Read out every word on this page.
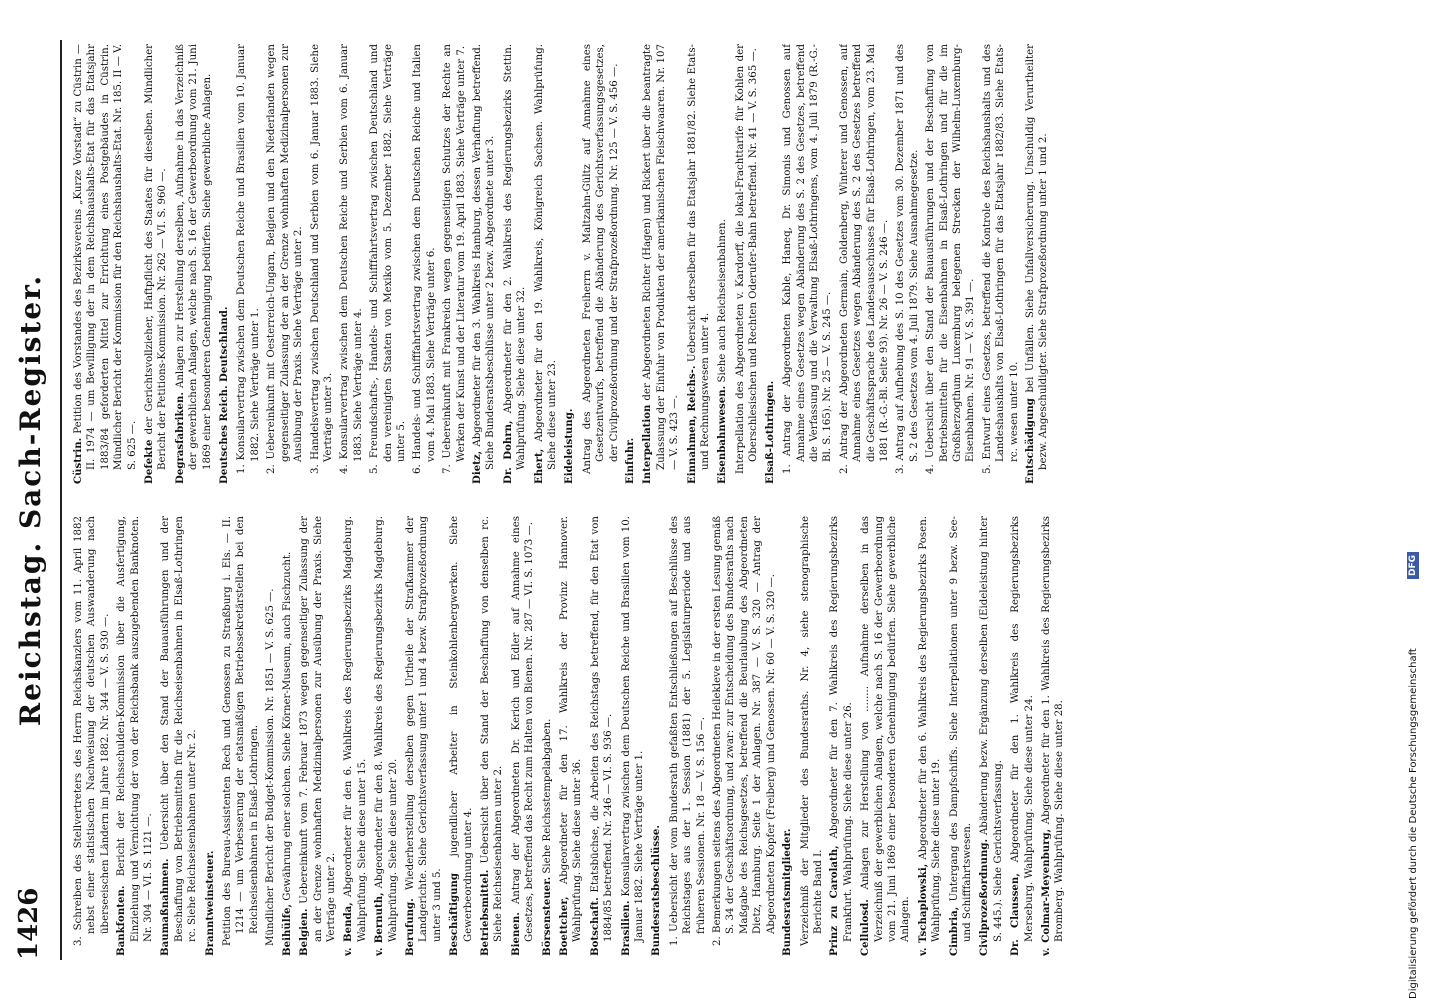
1426
Reichstag. Sach-Register.

3. Schreiben des Stellvertreters des Herrn Reichskanzlers vom 11. April 1882 nebst einer statistischen Nachweisung der deutschen Auswanderung nach überseeischen Ländern im Jahre 1882. Nr. 344 — V. S. 930 —. Bankfonten. Bericht der Reichsschulden-Kommission über die Ausfertigung, Einziehung und Vernichtung der von der Reichsbank auszugebenden Banknoten. Nr. 304 — VI. S. 1121 —. Baumaßnahmen. Uebersicht über den Stand der Bauausführungen und der Beschaffung von Betriebsmitteln für die Reichseisenbahnen in Elsaß-Lothringen rc. Siehe Reichseisenbahnen unter Nr. 2. Branntweinsteuer. Petition des Bureau-Assistenten Rech und Genossen zu Straßburg i. Els. — II. 1214 — um Verbesserung der etatsmäßigen Betriebssekretärstellen bei den Reichseisenbahnen in Elsaß-Lothringen. Mündlicher Bericht der Budget-Kommission. Nr. 1851 — V. S. 625 —. Beihülfe, Gewährung einer solchen. Siehe Körner-Museum, auch Fischzucht.

Belgien. Uebereinkunft vom 7. Februar 1873 wegen gegenseitiger Zulassung der an der Grenze wohnhaften Medizinalpersonen zur Ausübung der Praxis. Siehe Verträge unter 2. v. Benda, Abgeordneter für den 6. Wahlkreis des Regierungsbezirks Magdeburg. Wahlprüfung. Siehe diese unter 15. v. Bernuth, Abgeordneter für den 8. Wahlkreis des Regierungsbezirks Magdeburg. Wahlprüfung. Siehe diese unter 20. Berufung. Wiederherstellung derselben gegen Urtheile der Strafkammer der Landgerichte. Siehe Gerichtsverfassung unter 1 und 4 bezw. Strafprozeßordnung unter 3 und 5. Beschäftigung jugendlicher Arbeiter in Steinkohlenbergwerken. Siehe Gewerbeordnung unter 4. Betriebsmittel. Uebersicht über den Stand der Beschaffung von denselben rc. Siehe Reichseisenbahnen unter 2. Bienen. Antrag der Abgeordneten Dr. Kerich und Edler auf Annahme eines Gesetzes, betreffend das Recht zum Halten von Bienen. Nr. 287 — VI. S. 1073 —. Börsensteuer. Siehe Reichsstempelabgaben.

Boettcher, Abgeordneter für den 17. Wahlkreis der Provinz Hannover. Wahlprüfung. Siehe diese unter 36. Botschaft. Etatsbüchse, die Arbeiten des Reichstags betreffend, für den Etat von 1884/85 betreffend. Nr. 246 — VI. S. 936 —. Brasilien. Konsularvertrag zwischen dem Deutschen Reiche und Brasilien vom 10. Januar 1882. Siehe Verträge unter 1. Bundesratsbeschlüsse. 1. Uebersicht der vom Bundesrath gefaßten Entschließungen auf Beschlüsse des Reichstages aus der 1. Session (1881) der 5. Legislaturperiode und aus früheren Sessionen. Nr. 18 — V. S. 156 —. 2. Bemerkungen seitens des Abgeordneten Heilekleve in der ersten Lesung gemäß S. 34 der Geschäftsordnung, und zwar: zur Entscheidung des Bundesraths nach Maßgabe des Reichsgesetzes, betreffend die Beurlaubung des Abgeordneten Dietz, Hamburg. Seite 1 der Anlagen. Nr. 387 — V. S. 320 — Antrag der Abgeordneten Kopfer (Freiberg) und Genossen. Nr. 60 — V. S. 320 —. Bundesratsmitglieder. Verzeichniß der Mitglieder des Bundesraths. Nr. 4, siehe stenographische Berichte Band I. Prinz zu Carolath, Abgeordneter für den 7. Wahlkreis des Regierungsbezirks Frankfurt. Wahlprüfung. Siehe diese unter 26. Cellulosd. Anlagen zur Herstellung von ........ Aufnahme derselben in das Verzeichniß der gewerblichen Anlagen, welche nach S. 16 der Gewerbeordnung vom 21. Juni 1869 einer besonderen Genehmigung bedürfen. Siehe gewerbliche Anlagen. v. Tschaplowski, Abgeordneter für den 6. Wahlkreis des Regierungsbezirks Posen. Wahlprüfung. Siehe diese unter 19. Cimbria, Untergang des Dampfschiffs. Siehe Interpellationen unter 9 bezw. See- und Schifffahrtswesen. Civilprozeßordnung. Abänderung bezw. Ergänzung derselben (Eideleistung hinter S. 445.). Siehe Gerichtsverfassung. Dr. Claussen, Abgeordneter für den 1. Wahlkreis des Regierungsbezirks Merseburg. Wahlprüfung. Siehe diese unter 24. v. Colmar-Meyenburg, Abgeordneter für den 1. Wahlkreis des Regierungsbezirks Bromberg. Wahlprüfung. Siehe diese unter 28.

Cüstrin. Petition des Vorstandes des Bezirksvereins „Kurze Vorstadt“ zu Cüstrin — II. 1974 — um Bewilligung der in dem Reichshaushalts-Etat für das Etatsjahr 1883/84 geforderten Mittel zur Errichtung eines Postgebäudes in Cüstrin. Mündlicher Bericht der Kommission für den Reichshaushalts-Etat. Nr. 185. II — V. S. 625 —. Defekte der Gerichtsvollzieher, Haftpflicht des Staates für dieselben. Mündlicher Bericht der Petitions-Kommission. Nr. 262 — VI. S. 960 —. Degrasfabriken. Anlagen zur Herstellung derselben, Aufnahme in das Verzeichniß der gewerblichen Anlagen, welche nach S. 16 der Gewerbeordnung vom 21. Juni 1869 einer besonderen Genehmigung bedürfen. Siehe gewerbliche Anlagen. Deutsches Reich. Deutschland. 1. Konsularvertrag zwischen dem Deutschen Reiche und Brasilien vom 10. Januar 1882. Siehe Verträge unter 1. 2. Uebereinkunft mit Oesterreich-Ungarn, Belgien und den Niederlanden wegen gegenseitiger Zulassung der an der Grenze wohnhaften Medizinalpersonen zur Ausübung der Praxis. Siehe Verträge unter 2. 3. Handelsvertrag zwischen Deutschland und Serbien vom 6. Januar 1883. Siehe Verträge unter 3. 4. Konsularvertrag zwischen dem Deutschen Reiche und Serbien vom 6. Januar 1883. Siehe Verträge unter 4. 5. Freundschafts-, Handels- und Schifffahrtsvertrag zwischen Deutschland und den vereinigten Staaten von Mexiko vom 5. Dezember 1882. Siehe Verträge unter 5. 6. Handels- und Schifffahrtsvertrag zwischen dem Deutschen Reiche und Italien vom 4. Mai 1883. Siehe Verträge unter 6. 7. Uebereinkunft mit Frankreich wegen gegenseitigen Schutzes der Rechte an Werken der Kunst und der Literatur vom 19. April 1883. Siehe Verträge unter 7.

Dietz, Abgeordneter für den 3. Wahlkreis Hamburg, dessen Verhaftung betreffend. Siehe Bundesratsbeschlüsse unter 2 bezw. Abgeordnete unter 3. Dr. Dohrn, Abgeordneter für den 2. Wahlkreis des Regierungsbezirks Stettin. Wahlprüfung. Siehe diese unter 32. Ehert, Abgeordneter für den 19. Wahlkreis, Königreich Sachsen. Wahlprüfung. Siehe diese unter 23. Eideleistung. Antrag des Abgeordneten Freiherrn v. Maltzahn-Gültz auf Annahme eines Gesetzentwurfs, betreffend die Abänderung des Gerichtsverfassungsgesetzes, der Civilprozeßordnung und der Strafprozeßordnung. Nr. 125 — V. S. 456 —. Einfuhr. Interpellation der Abgeordneten Richter (Hagen) und Rickert über die beantragte Zulassung der Einfuhr von Produkten der amerikanischen Fleischwaaren. Nr. 107 — V. S. 423 —. Einnahmen, Reichs-. Uebersicht derselben für das Etatsjahr 1881/82. Siehe Etats- und Rechnungswesen unter 4. Eisenbahnwesen. Siehe auch Reichseisenbahnen. Interpellation des Abgeordneten v. Kardorff, die lokal-Frachttarife für Kohlen der Oberschlesischen und Rechten Oderufer-Bahn betreffend. Nr. 41 — V. S. 365 —. Elsaß-Lothringen. 1. Antrag der Abgeordneten Kable, Haneq, Dr. Simonis und Genossen auf Annahme eines Gesetzes wegen Abänderung des S. 2 des Gesetzes, betreffend die Verfassung und die Verwaltung Elsaß-Lothringens, vom 4. Juli 1879 (R.-G.-Bl. S. 165). Nr. 25 — V. S. 245 —. 2. Antrag der Abgeordneten Germain, Goldenberg, Winterer und Genossen, auf Annahme eines Gesetzes wegen Abänderung des S. 2 des Gesetzes betreffend die Geschäftssprache des Landesausschusses für Elsaß-Lothringen, vom 23. Mai 1881 (R.-G.-Bl. Seite 93). Nr. 26 — V. S. 246 —. 3. Antrag auf Aufhebung des S. 10 des Gesetzes vom 30. Dezember 1871 und des S. 2 des Gesetzes vom 4. Juli 1879. Siehe Ausnahmegesetze. 4. Uebersicht über den Stand der Bauausführungen und der Beschaffung von Betriebsmitteln für die Eisenbahnen in Elsaß-Lothringen und für die im Großherzogthum Luxemburg belegenen Strecken der Wilhelm-Luxemburg-Eisenbahnen. Nr. 91 — V. S. 391 —. 5. Entwurf eines Gesetzes, betreffend die Kontrole des Reichshaushalts und des Landeshaushalts von Elsaß-Lothringen für das Etatsjahr 1882/83. Siehe Etats- rc. wesen unter 10. Entschädigung bei Unfällen. Siehe Unfallversicherung. Unschuldig Verurtheilter bezw. Angeschuldigter. Siehe Strafprozeßordnung unter 1 und 2.

Digitalisierung gefördert durch die Deutsche Forschungsgemeinschaft
DFG
